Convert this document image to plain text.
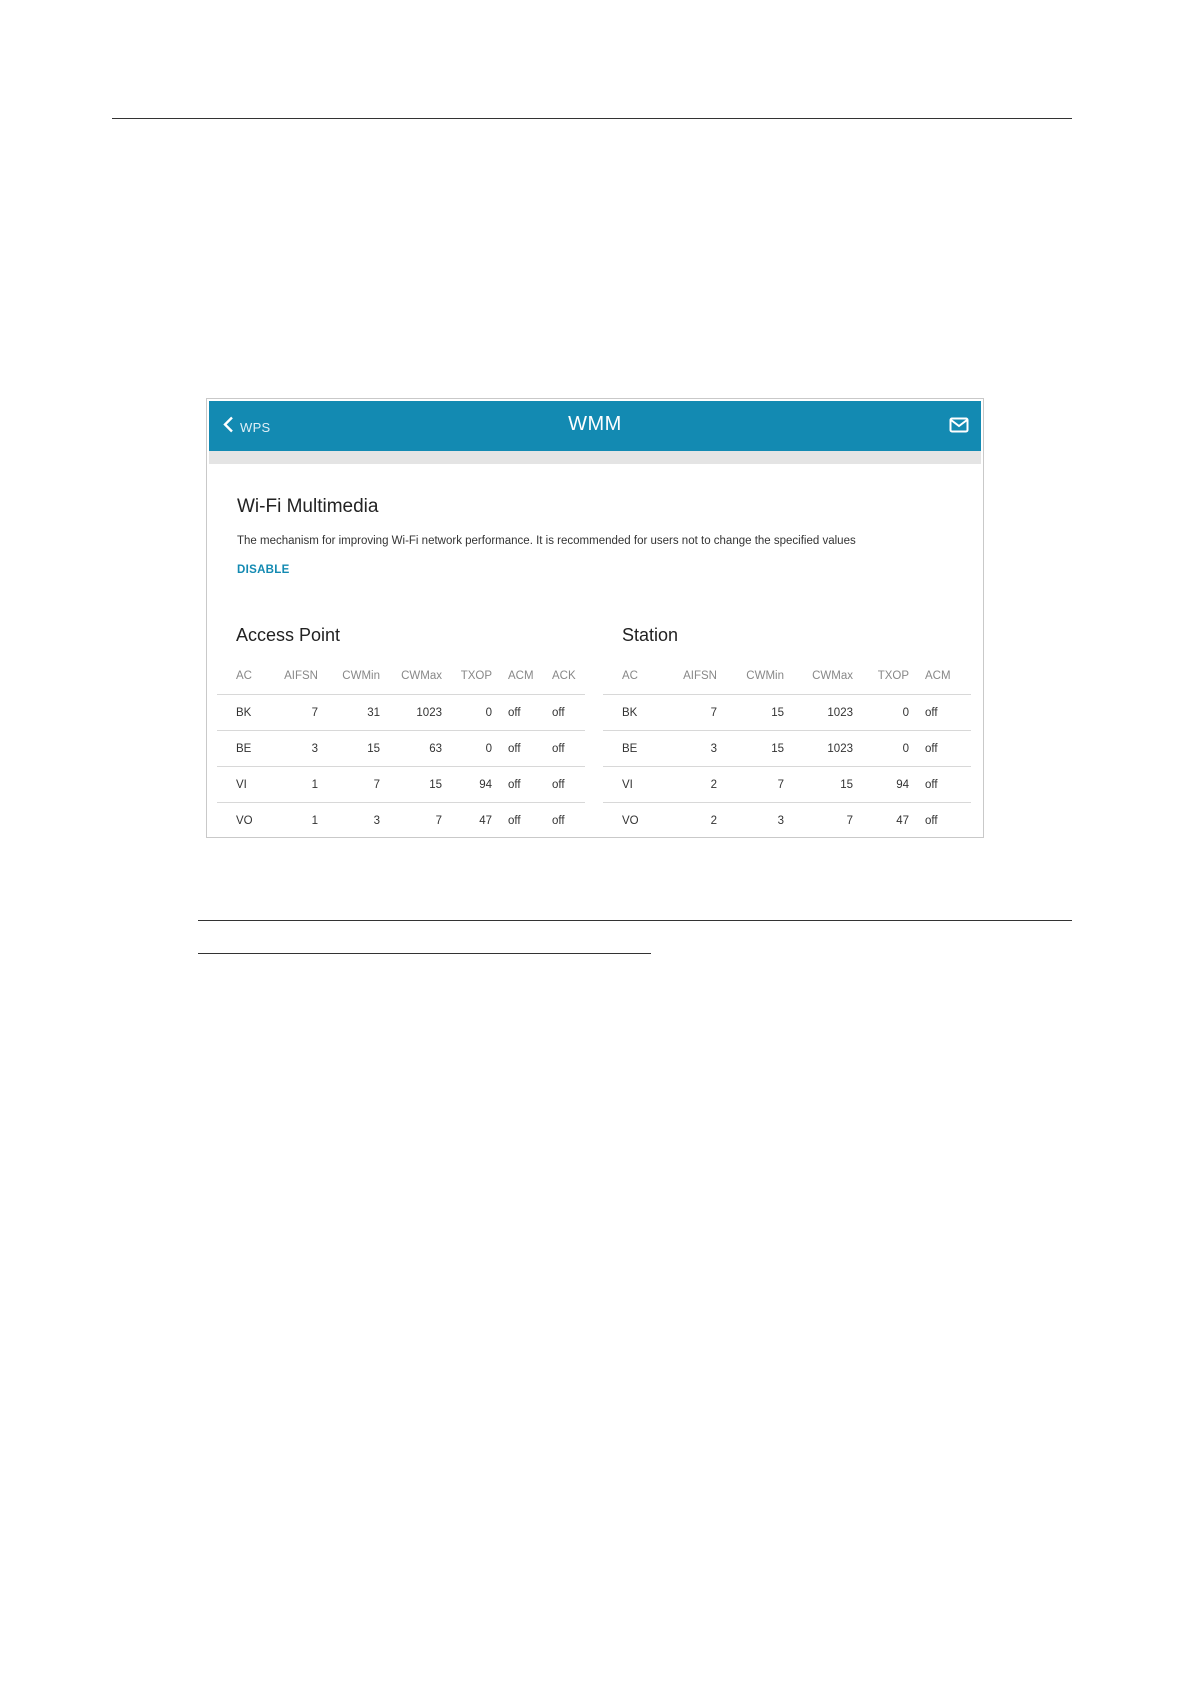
WPS	WMM
Wi-Fi Multimedia
The mechanism for improving Wi-Fi network performance. It is recommended for users not to change the specified values
DISABLE
Access Point
AC	AIFSN	CWMin	CWMax	TXOP	ACM	ACK
BK	7	31	1023	0	off	off
BE	3	15	63	0	off	off
VI	1	7	15	94	off	off
VO	1	3	7	47	off	off
Station
AC	AIFSN	CWMin	CWMax	TXOP	ACM
BK	7	15	1023	0	off
BE	3	15	1023	0	off
VI	2	7	15	94	off
VO	2	3	7	47	off
